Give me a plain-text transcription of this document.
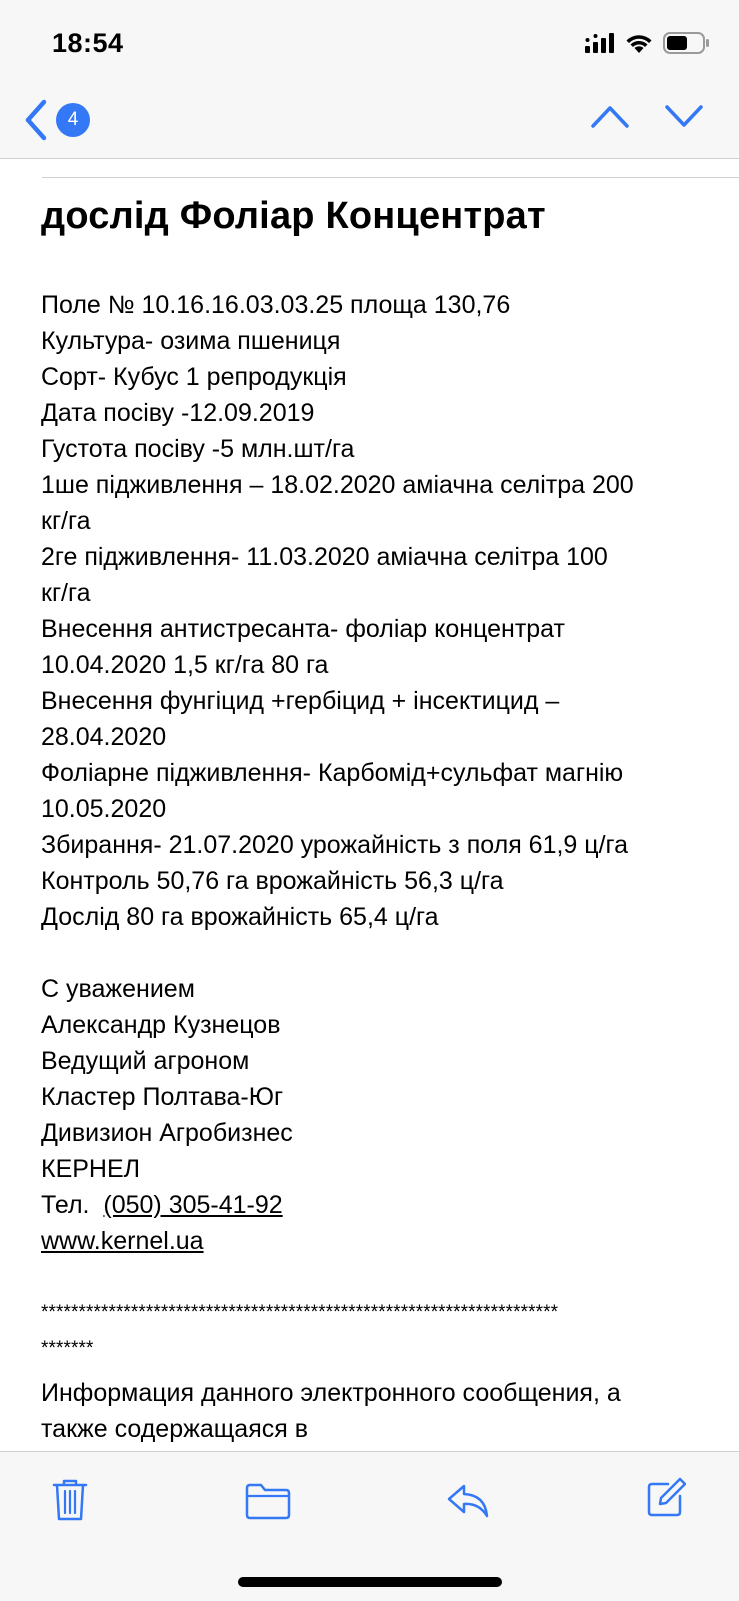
18:54
4
дослід Фоліар Концентрат
Поле № 10.16.16.03.03.25 площа 130,76
Культура- озима пшениця
Сорт- Кубус 1 репродукція
Дата посіву -12.09.2019
Густота посіву -5 млн.шт/га
1ше підживлення – 18.02.2020 аміачна селітра 200
кг/га
2ге підживлення- 11.03.2020 аміачна селітра 100
кг/га
Внесення антистресанта- фоліар концентрат
10.04.2020 1,5 кг/га 80 га
Внесення фунгіцид +гербіцид + інсектицид –
28.04.2020
Фоліарне підживлення- Карбомід+сульфат магнію
10.05.2020
Збирання- 21.07.2020 урожайність з поля 61,9 ц/га
Контроль 50,76 га врожайність 56,3 ц/га
Дослід 80 га врожайність 65,4 ц/га
С уважением
Александр Кузнецов
Ведущий агроном
Кластер Полтава-Юг
Дивизион Агробизнес
КЕРНЕЛ
Тел. (050) 305-41-92
www.kernel.ua
*********************************************************************
*******
Информация данного электронного сообщения, а
также содержащаяся в
